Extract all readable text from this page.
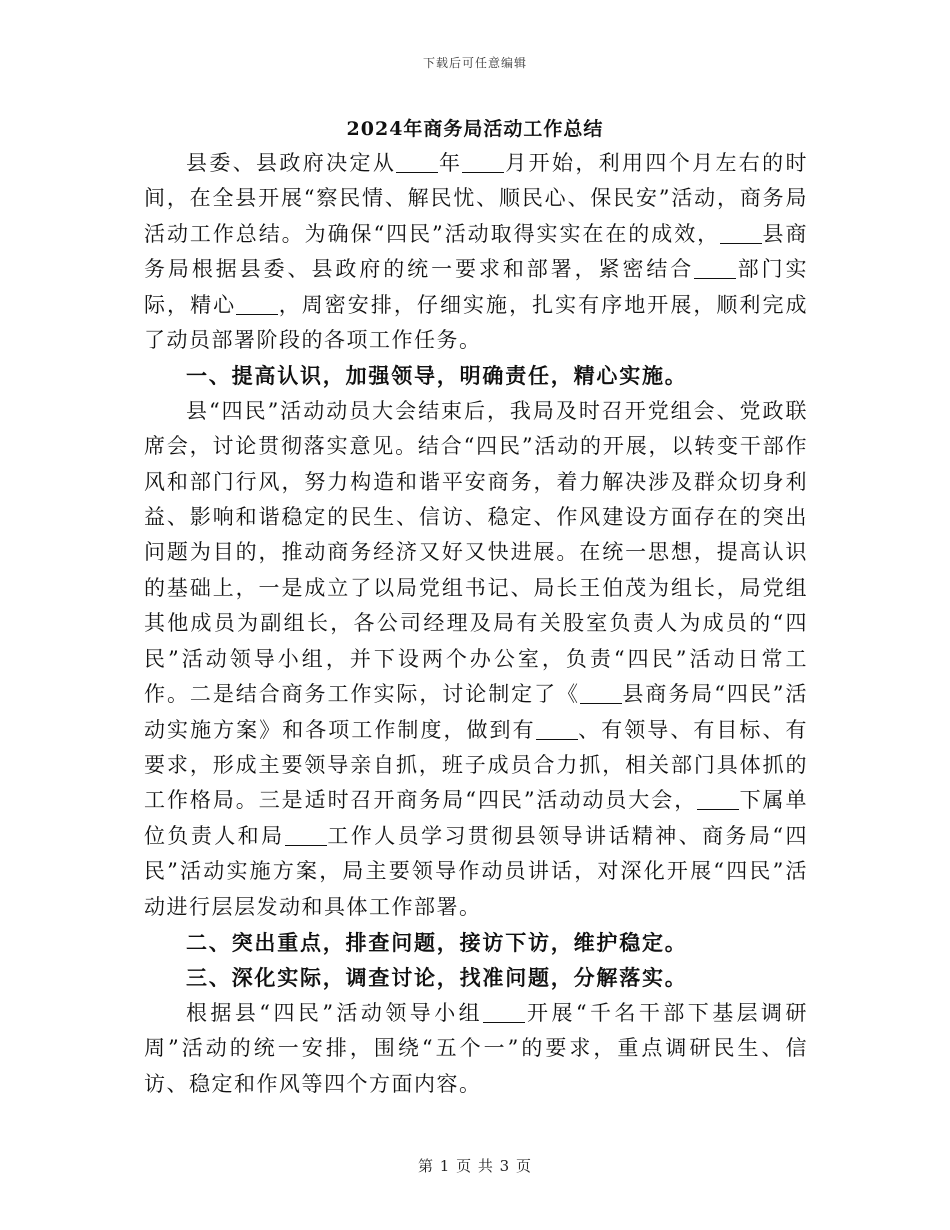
下载后可任意编辑
2024年商务局活动工作总结

县委、县政府决定从 年 月开始，利用四个月左右的时间，在全县开展“察民情、解民忧、顺民心、保民安”活动，商务局活动工作总结。为确保“四民”活动取得实实在在的成效， 县商务局根据县委、县政府的统一要求和部署，紧密结合 部门实际，精心 ，周密安排，仔细实施，扎实有序地开展，顺利完成了动员部署阶段的各项工作任务。

一、提高认识，加强领导，明确责任，精心实施。

县“四民”活动动员大会结束后，我局及时召开党组会、党政联席会，讨论贯彻落实意见。结合“四民”活动的开展，以转变干部作风和部门行风，努力构造和谐平安商务，着力解决涉及群众切身利益、影响和谐稳定的民生、信访、稳定、作风建设方面存在的突出问题为目的，推动商务经济又好又快进展。在统一思想，提高认识的基础上，一是成立了以局党组书记、局长王伯茂为组长，局党组其他成员为副组长，各公司经理及局有关股室负责人为成员的“四民”活动领导小组，并下设两个办公室，负责“四民”活动日常工作。二是结合商务工作实际，讨论制定了《 县商务局“四民”活动实施方案》和各项工作制度，做到有 、有领导、有目标、有要求，形成主要领导亲自抓，班子成员合力抓，相关部门具体抓的工作格局。三是适时召开商务局“四民”活动动员大会， 下属单位负责人和局 工作人员学习贯彻县领导讲话精神、商务局“四民”活动实施方案，局主要领导作动员讲话，对深化开展“四民”活动进行层层发动和具体工作部署。

二、突出重点，排查问题，接访下访，维护稳定。

三、深化实际，调查讨论，找准问题，分解落实。

根据县“四民”活动领导小组 开展“千名干部下基层调研周”活动的统一安排，围绕“五个一”的要求，重点调研民生、信访、稳定和作风等四个方面内容。

第 1 页 共 3 页
